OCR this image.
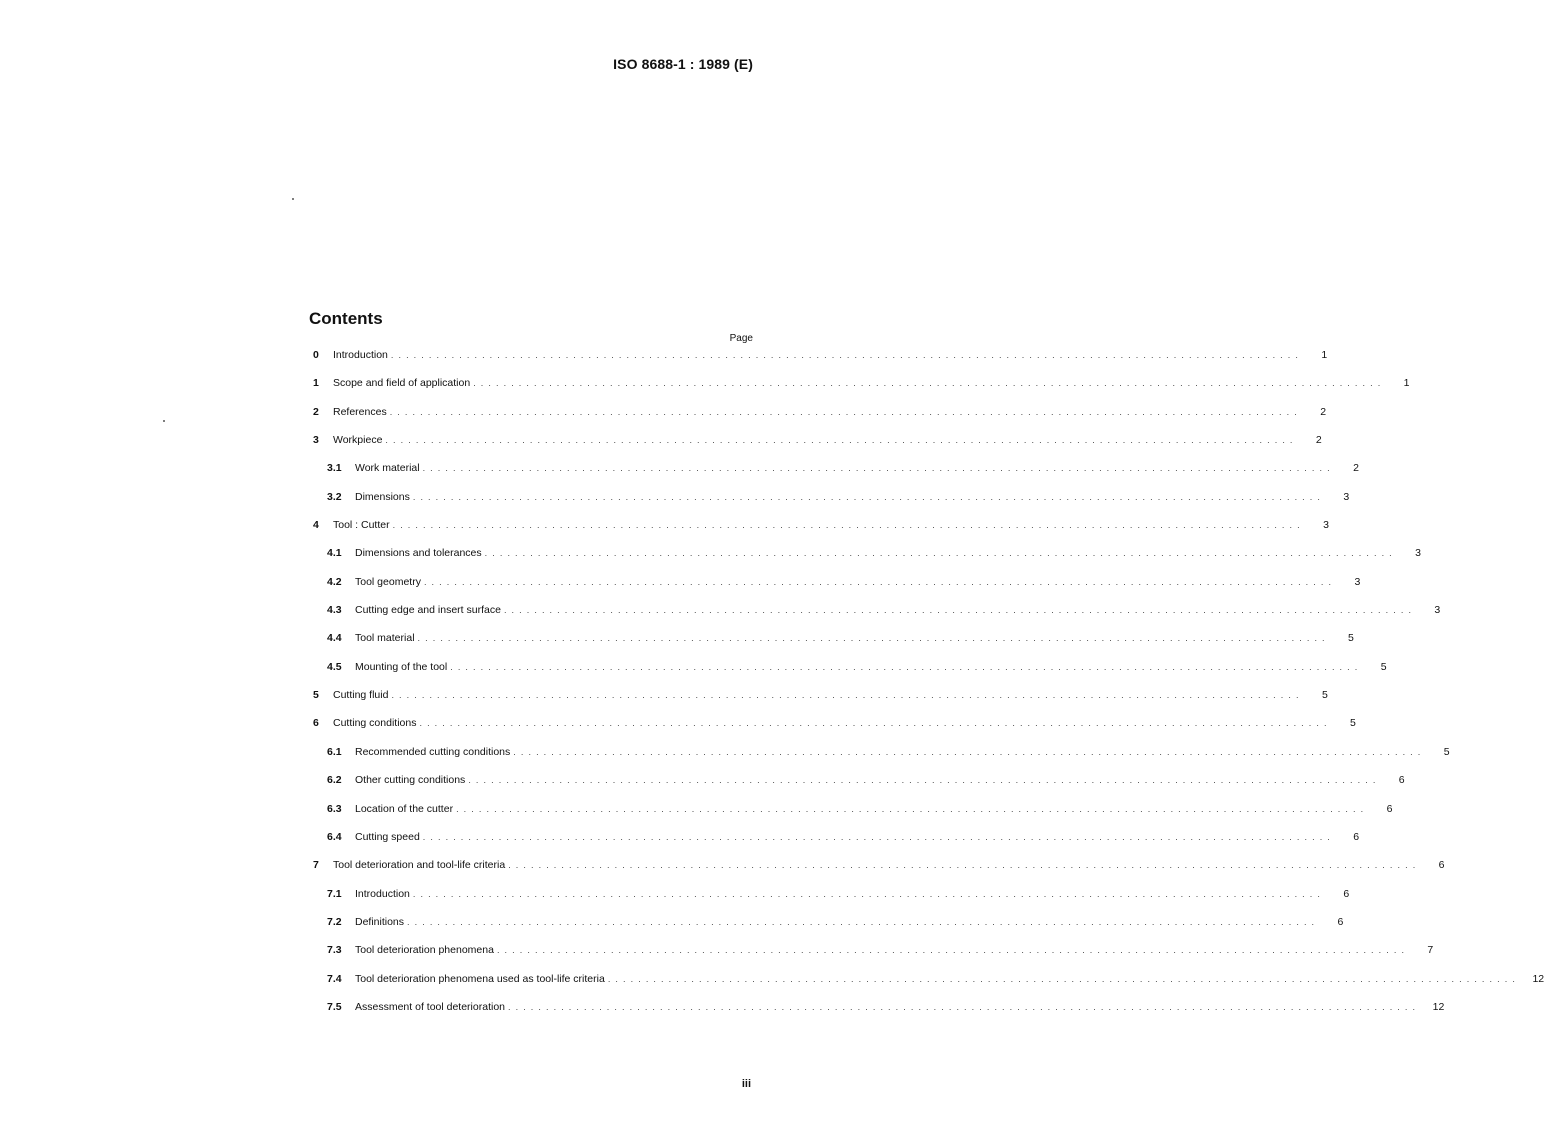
ISO 8688-1 : 1989 (E)
Contents
Page
0	Introduction . . . . . . . . . . . . . . . . . . . . . . . . . . . . . . . . . . . . . . . . . . . . . . . . . . . . . . . . . . . . . . . . . . . . . . . . . . . . . . . . . . . . . . . . . . . . . . . . . . . . . . . . . . . . . . . . . . . . . . . .	1
1	Scope and field of application . . . . . . . . . . . . . . . . . . . . . . . . . . . . . . . . . . . . . . . . . . . . . . . . . . . . . . . . . . . . . . . . . . . . . . . . . . . . . . . . . . . . . . . . . . . . . . . . . . . . . . . . . . . . . . . . . . . . . . . .	1
2	References . . . . . . . . . . . . . . . . . . . . . . . . . . . . . . . . . . . . . . . . . . . . . . . . . . . . . . . . . . . . . . . . . . . . . . . . . . . . . . . . . . . . . . . . . . . . . . . . . . . . . . . . . . . . . . . . . . . . . . . .	2
3	Workpiece . . . . . . . . . . . . . . . . . . . . . . . . . . . . . . . . . . . . . . . . . . . . . . . . . . . . . . . . . . . . . . . . . . . . . . . . . . . . . . . . . . . . . . . . . . . . . . . . . . . . . . . . . . . . . . . . . . . . . . . .	2
3.1	Work material . . . . . . . . . . . . . . . . . . . . . . . . . . . . . . . . . . . . . . . . . . . . . . . . . . . . . . . . . . . . . . . . . . . . . . . . . . . . . . . . . . . . . . . . . . . . . . . . . . . . . . . . . . . . . . . . . . . . . . . .	2
3.2	Dimensions . . . . . . . . . . . . . . . . . . . . . . . . . . . . . . . . . . . . . . . . . . . . . . . . . . . . . . . . . . . . . . . . . . . . . . . . . . . . . . . . . . . . . . . . . . . . . . . . . . . . . . . . . . . . . . . . . . . . . . . .	3
4	Tool : Cutter . . . . . . . . . . . . . . . . . . . . . . . . . . . . . . . . . . . . . . . . . . . . . . . . . . . . . . . . . . . . . . . . . . . . . . . . . . . . . . . . . . . . . . . . . . . . . . . . . . . . . . . . . . . . . . . . . . . . . . . .	3
4.1	Dimensions and tolerances . . . . . . . . . . . . . . . . . . . . . . . . . . . . . . . . . . . . . . . . . . . . . . . . . . . . . . . . . . . . . . . . . . . . . . . . . . . . . . . . . . . . . . . . . . . . . . . . . . . . . . . . . . . . . . . . . . . . . . . .	3
4.2	Tool geometry . . . . . . . . . . . . . . . . . . . . . . . . . . . . . . . . . . . . . . . . . . . . . . . . . . . . . . . . . . . . . . . . . . . . . . . . . . . . . . . . . . . . . . . . . . . . . . . . . . . . . . . . . . . . . . . . . . . . . . . .	3
4.3	Cutting edge and insert surface . . . . . . . . . . . . . . . . . . . . . . . . . . . . . . . . . . . . . . . . . . . . . . . . . . . . . . . . . . . . . . . . . . . . . . . . . . . . . . . . . . . . . . . . . . . . . . . . . . . . . . . . . . . . . . . . . . . . . . . .	3
4.4	Tool material . . . . . . . . . . . . . . . . . . . . . . . . . . . . . . . . . . . . . . . . . . . . . . . . . . . . . . . . . . . . . . . . . . . . . . . . . . . . . . . . . . . . . . . . . . . . . . . . . . . . . . . . . . . . . . . . . . . . . . . .	5
4.5	Mounting of the tool . . . . . . . . . . . . . . . . . . . . . . . . . . . . . . . . . . . . . . . . . . . . . . . . . . . . . . . . . . . . . . . . . . . . . . . . . . . . . . . . . . . . . . . . . . . . . . . . . . . . . . . . . . . . . . . . . . . . . . . .	5
5	Cutting fluid . . . . . . . . . . . . . . . . . . . . . . . . . . . . . . . . . . . . . . . . . . . . . . . . . . . . . . . . . . . . . . . . . . . . . . . . . . . . . . . . . . . . . . . . . . . . . . . . . . . . . . . . . . . . . . . . . . . . . . . .	5
6	Cutting conditions . . . . . . . . . . . . . . . . . . . . . . . . . . . . . . . . . . . . . . . . . . . . . . . . . . . . . . . . . . . . . . . . . . . . . . . . . . . . . . . . . . . . . . . . . . . . . . . . . . . . . . . . . . . . . . . . . . . . . . . .	5
6.1	Recommended cutting conditions . . . . . . . . . . . . . . . . . . . . . . . . . . . . . . . . . . . . . . . . . . . . . . . . . . . . . . . . . . . . . . . . . . . . . . . . . . . . . . . . . . . . . . . . . . . . . . . . . . . . . . . . . . . . . . . . . . . . . . . .	5
6.2	Other cutting conditions . . . . . . . . . . . . . . . . . . . . . . . . . . . . . . . . . . . . . . . . . . . . . . . . . . . . . . . . . . . . . . . . . . . . . . . . . . . . . . . . . . . . . . . . . . . . . . . . . . . . . . . . . . . . . . . . . . . . . . . .	6
6.3	Location of the cutter . . . . . . . . . . . . . . . . . . . . . . . . . . . . . . . . . . . . . . . . . . . . . . . . . . . . . . . . . . . . . . . . . . . . . . . . . . . . . . . . . . . . . . . . . . . . . . . . . . . . . . . . . . . . . . . . . . . . . . . .	6
6.4	Cutting speed . . . . . . . . . . . . . . . . . . . . . . . . . . . . . . . . . . . . . . . . . . . . . . . . . . . . . . . . . . . . . . . . . . . . . . . . . . . . . . . . . . . . . . . . . . . . . . . . . . . . . . . . . . . . . . . . . . . . . . . .	6
7	Tool deterioration and tool-life criteria . . . . . . . . . . . . . . . . . . . . . . . . . . . . . . . . . . . . . . . . . . . . . . . . . . . . . . . . . . . . . . . . . . . . . . . . . . . . . . . . . . . . . . . . . . . . . . . . . . . . . . . . . . . . . . . . . . . . . . . .	6
7.1	Introduction . . . . . . . . . . . . . . . . . . . . . . . . . . . . . . . . . . . . . . . . . . . . . . . . . . . . . . . . . . . . . . . . . . . . . . . . . . . . . . . . . . . . . . . . . . . . . . . . . . . . . . . . . . . . . . . . . . . . . . . .	6
7.2	Definitions . . . . . . . . . . . . . . . . . . . . . . . . . . . . . . . . . . . . . . . . . . . . . . . . . . . . . . . . . . . . . . . . . . . . . . . . . . . . . . . . . . . . . . . . . . . . . . . . . . . . . . . . . . . . . . . . . . . . . . . .	6
7.3	Tool deterioration phenomena . . . . . . . . . . . . . . . . . . . . . . . . . . . . . . . . . . . . . . . . . . . . . . . . . . . . . . . . . . . . . . . . . . . . . . . . . . . . . . . . . . . . . . . . . . . . . . . . . . . . . . . . . . . . . . . . . . . . . . . .	7
7.4	Tool deterioration phenomena used as tool-life criteria . . . . . . . . . . . . . . . . . . . . . . . . . . . . . . . . . . . . . . . . . . . . . . . . . . . . . . . . . . . . . . . . . . . . . . . . . . . . . . . . . . . . . . . . . . . . . . . . . . . . . . . . . . . . . . . . . . . . . . . .	12
7.5	Assessment of tool deterioration . . . . . . . . . . . . . . . . . . . . . . . . . . . . . . . . . . . . . . . . . . . . . . . . . . . . . . . . . . . . . . . . . . . . . . . . . . . . . . . . . . . . . . . . . . . . . . . . . . . . . . . . . . . . . . . . . . . . . . . .	12
iii
